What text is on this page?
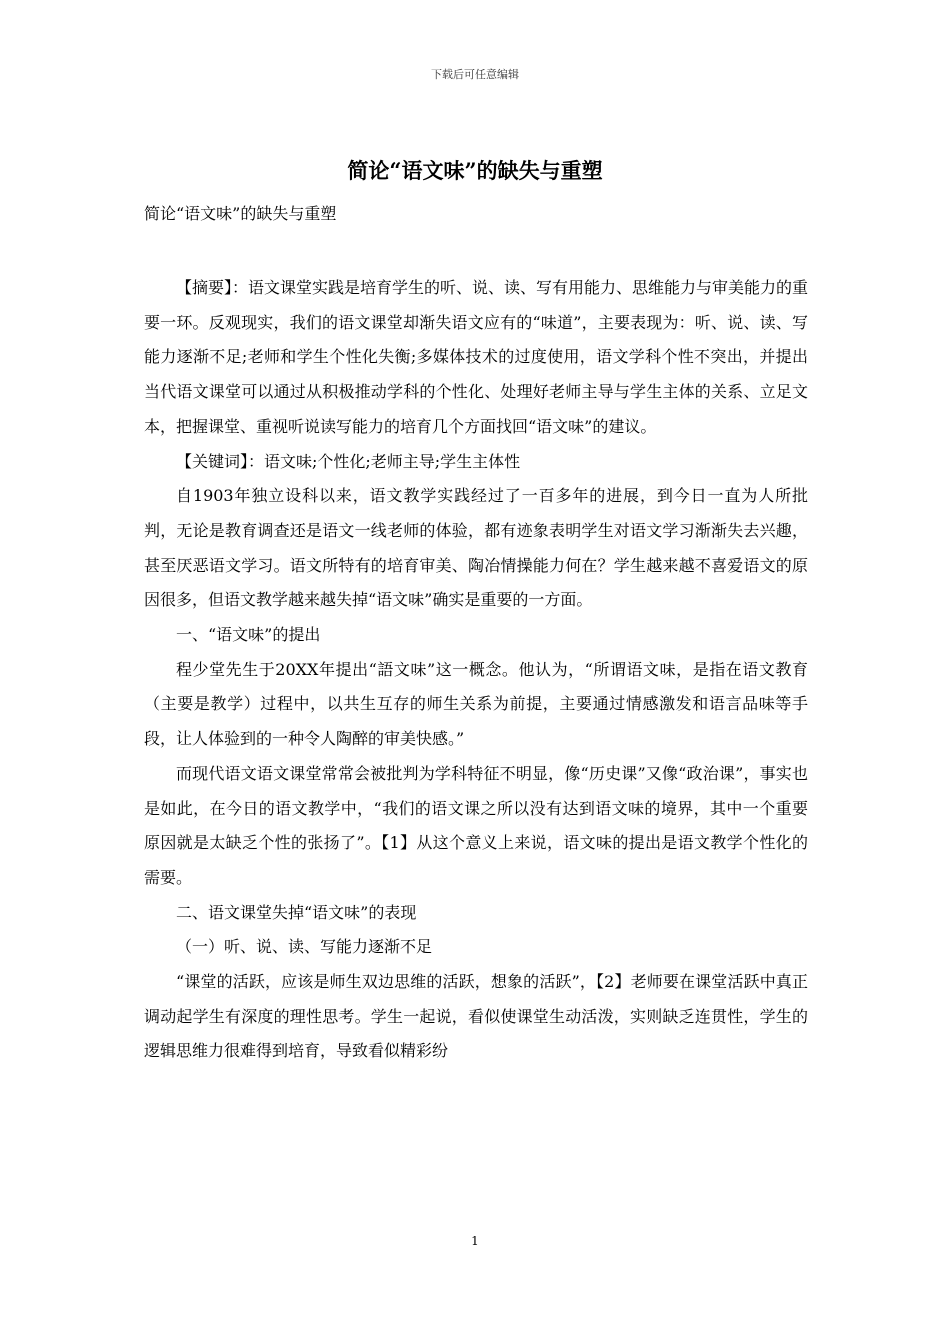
下载后可任意编辑
简论“语文味”的缺失与重塑
简论“语文味”的缺失与重塑

【摘要】：语文课堂实践是培育学生的听、说、读、写有用能力、思维能力与审美能力的重要一环。反观现实，我们的语文课堂却渐失语文应有的“味道”，主要表现为：听、说、读、写能力逐渐不足;老师和学生个性化失衡;多媒体技术的过度使用，语文学科个性不突出，并提出当代语文课堂可以通过从积极推动学科的个性化、处理好老师主导与学生主体的关系、立足文本，把握课堂、重视听说读写能力的培育几个方面找回“语文味”的建议。

【关键词】：语文味;个性化;老师主导;学生主体性

自1903年独立设科以来，语文教学实践经过了一百多年的进展，到今日一直为人所批判，无论是教育调查还是语文一线老师的体验，都有迹象表明学生对语文学习渐渐失去兴趣，甚至厌恶语文学习。语文所特有的培育审美、陶冶情操能力何在？学生越来越不喜爱语文的原因很多，但语文教学越来越失掉“语文味”确实是重要的一方面。

一、“语文味”的提出

程少堂先生于20XX年提出“語文味”这一概念。他认为，“所谓语文味，是指在语文教育（主要是教学）过程中，以共生互存的师生关系为前提，主要通过情感激发和语言品味等手段，让人体验到的一种令人陶醉的审美快感。”

而现代语文语文课堂常常会被批判为学科特征不明显，像“历史课”又像“政治课”，事实也是如此，在今日的语文教学中，“我们的语文课之所以没有达到语文味的境界，其中一个重要原因就是太缺乏个性的张扬了”。【1】从这个意义上来说，语文味的提出是语文教学个性化的需要。

二、语文课堂失掉“语文味”的表现

（一）听、说、读、写能力逐渐不足

“课堂的活跃，应该是师生双边思维的活跃，想象的活跃”，【2】老师要在课堂活跃中真正调动起学生有深度的理性思考。学生一起说，看似使课堂生动活泼，实则缺乏连贯性，学生的逻辑思维力很难得到培育，导致看似精彩纷

1
